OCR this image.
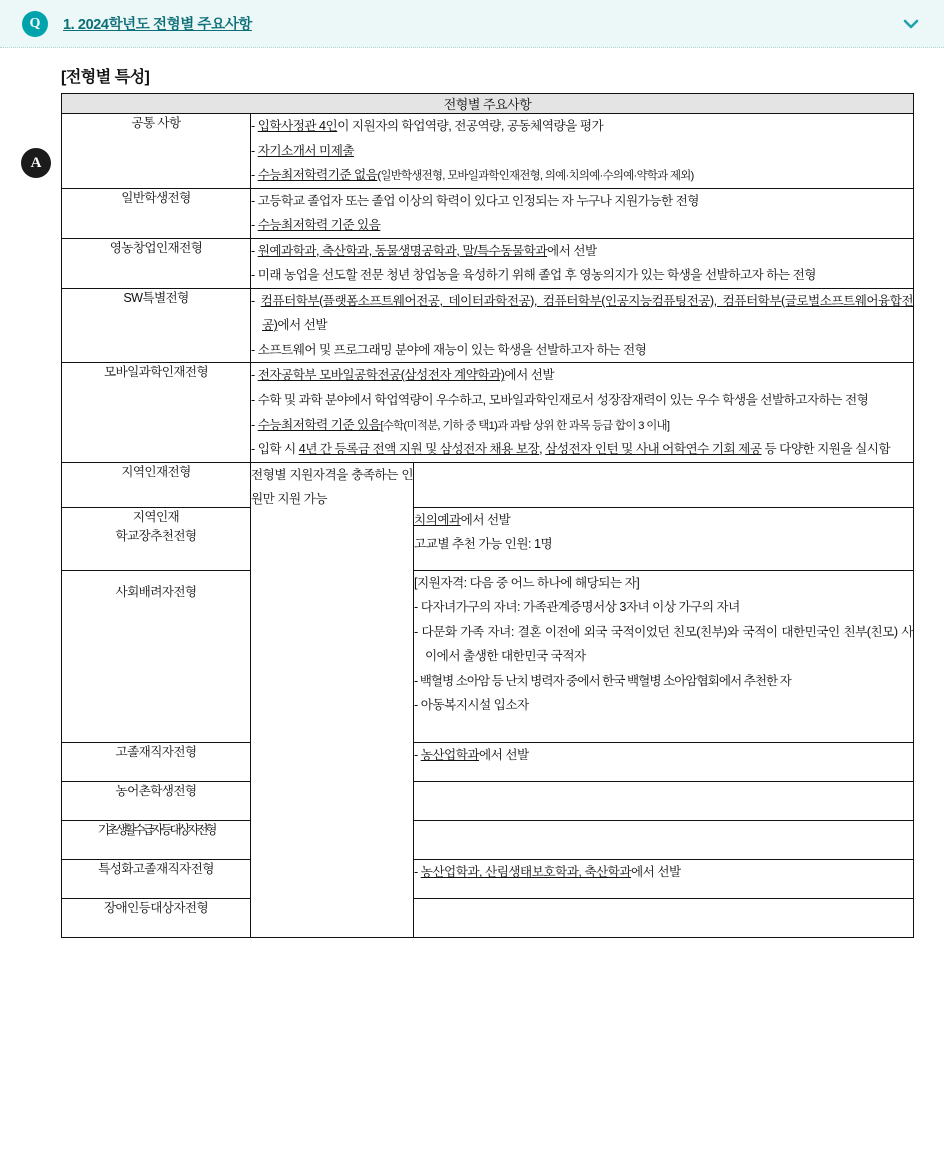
Q	1. 2024학년도 전형별 주요사항
A
[전형별 특성]
전형별 주요사항		
공통 사항	- 입학사정관 4인이 지원자의 학업역량, 전공역량, 공동체역량을 평가
- 자기소개서 미제출
- 수능최저학력기준 없음(일반학생전형, 모바일과학인재전형, 의예·치의예·수의예·약학과 제외)	

일반학생전형	- 고등학교 졸업자 또는 졸업 이상의 학력이 있다고 인정되는 자 누구나 지원가능한 전형
- 수능최저학력 기준 있음	

영농창업인재전형	- 원예과학과, 축산학과, 동물생명공학과, 말/특수동물학과에서 선발
- 미래 농업을 선도할 전문 청년 창업농을 육성하기 위해 졸업 후 영농의지가 있는 학생을 선발하고자 하는 전형	

SW특별전형	- 컴퓨터학부(플랫폼소프트웨어전공, 데이터과학전공), 컴퓨터학부(인공지능컴퓨팅전공), 컴퓨터학부(글로벌소프트웨어융합전공)에서 선발
- 소프트웨어 및 프로그래밍 분야에 재능이 있는 학생을 선발하고자 하는 전형	

모바일과학인재전형	- 전자공학부 모바일공학전공(삼성전자 계약학과)에서 선발
- 수학 및 과학 분야에서 학업역량이 우수하고, 모바일과학인재로서 성장잠재력이 있는 우수 학생을 선발하고자하는 전형
- 수능최저학력 기준 있음[수학(미적분, 기하 중 택1)과 과탐 상위 한 과목 등급 합이 3 이내]
- 입학 시 4년 간 등록금 전액 지원 및 삼성전자 채용 보장, 삼성전자 인턴 및 사내 어학연수 기회 제공 등 다양한 지원을 실시함	

지역인재전형	전형별 지원자격을 충족하는 인원만 지원 가능	
지역인재
학교장추천전형		치의예과에서 선발
고교별 추천 가능 인원: 1명

사회배려자전형		[지원자격: 다음 중 어느 하나에 해당되는 자]
- 다자녀가구의 자녀: 가족관계증명서상 3자녀 이상 가구의 자녀
- 다문화 가족 자녀: 결혼 이전에 외국 국적이었던 친모(친부)와 국적이 대한민국인 친부(친모) 사이에서 출생한 대한민국 국적자
- 백혈병 소아암 등 난치 병력자 중에서 한국 백혈병 소아암협회에서 추천한 자
- 아동복지시설 입소자

고졸재직자전형		- 농산업학과에서 선발

농어촌학생전형		
기초생활수급자등대상자전형		
특성화고졸재직자전형		- 농산업학과, 산림생태보호학과, 축산학과에서 선발

장애인등대상자전형		
